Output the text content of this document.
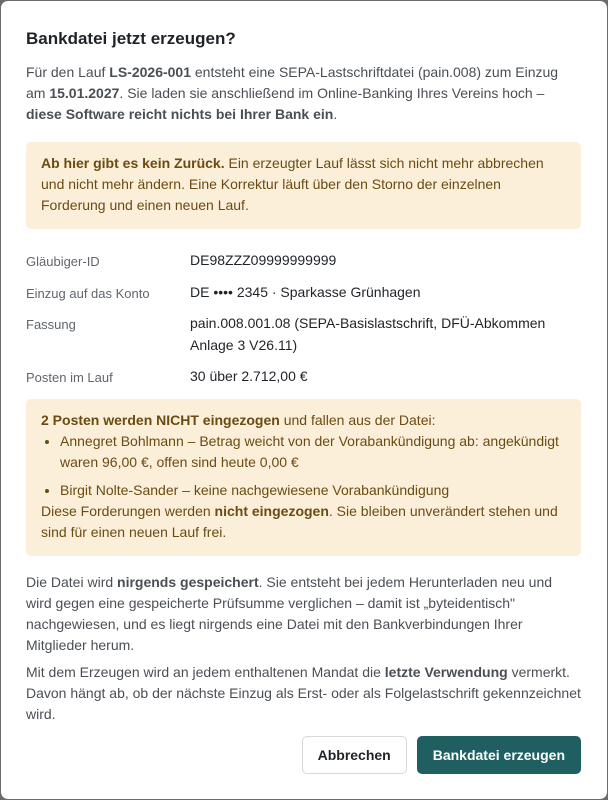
Bankdatei jetzt erzeugen?

Für den Lauf LS-2026-001 entsteht eine SEPA-Lastschriftdatei (pain.008) zum Einzug am 15.01.2027. Sie laden sie anschließend im Online-Banking Ihres Vereins hoch – diese Software reicht nichts bei Ihrer Bank ein.

Ab hier gibt es kein Zurück. Ein erzeugter Lauf lässt sich nicht mehr abbrechen und nicht mehr ändern. Eine Korrektur läuft über den Storno der einzelnen Forderung und einen neuen Lauf.
Gläubiger-ID	DE98ZZZ09999999999
Einzug auf das Konto	DE •••• 2345 · Sparkasse Grünhagen
Fassung	pain.008.001.08 (SEPA-Basislastschrift, DFÜ-Abkommen Anlage 3 V26.11)
Posten im Lauf	30 über 2.712,00 €
2 Posten werden NICHT eingezogen und fallen aus der Datei:
• Annegret Bohlmann – Betrag weicht von der Vorabankündigung ab: angekündigt waren 96,00 €, offen sind heute 0,00 €
• Birgit Nolte-Sander – keine nachgewiesene Vorabankündigung
Diese Forderungen werden nicht eingezogen. Sie bleiben unverändert stehen und sind für einen neuen Lauf frei.

Die Datei wird nirgends gespeichert. Sie entsteht bei jedem Herunterladen neu und wird gegen eine gespeicherte Prüfsumme verglichen – damit ist „byteidentisch" nachgewiesen, und es liegt nirgends eine Datei mit den Bankverbindungen Ihrer Mitglieder herum.

Mit dem Erzeugen wird an jedem enthaltenen Mandat die letzte Verwendung vermerkt. Davon hängt ab, ob der nächste Einzug als Erst- oder als Folgelastschrift gekennzeichnet wird.

Abbrechen	Bankdatei erzeugen
